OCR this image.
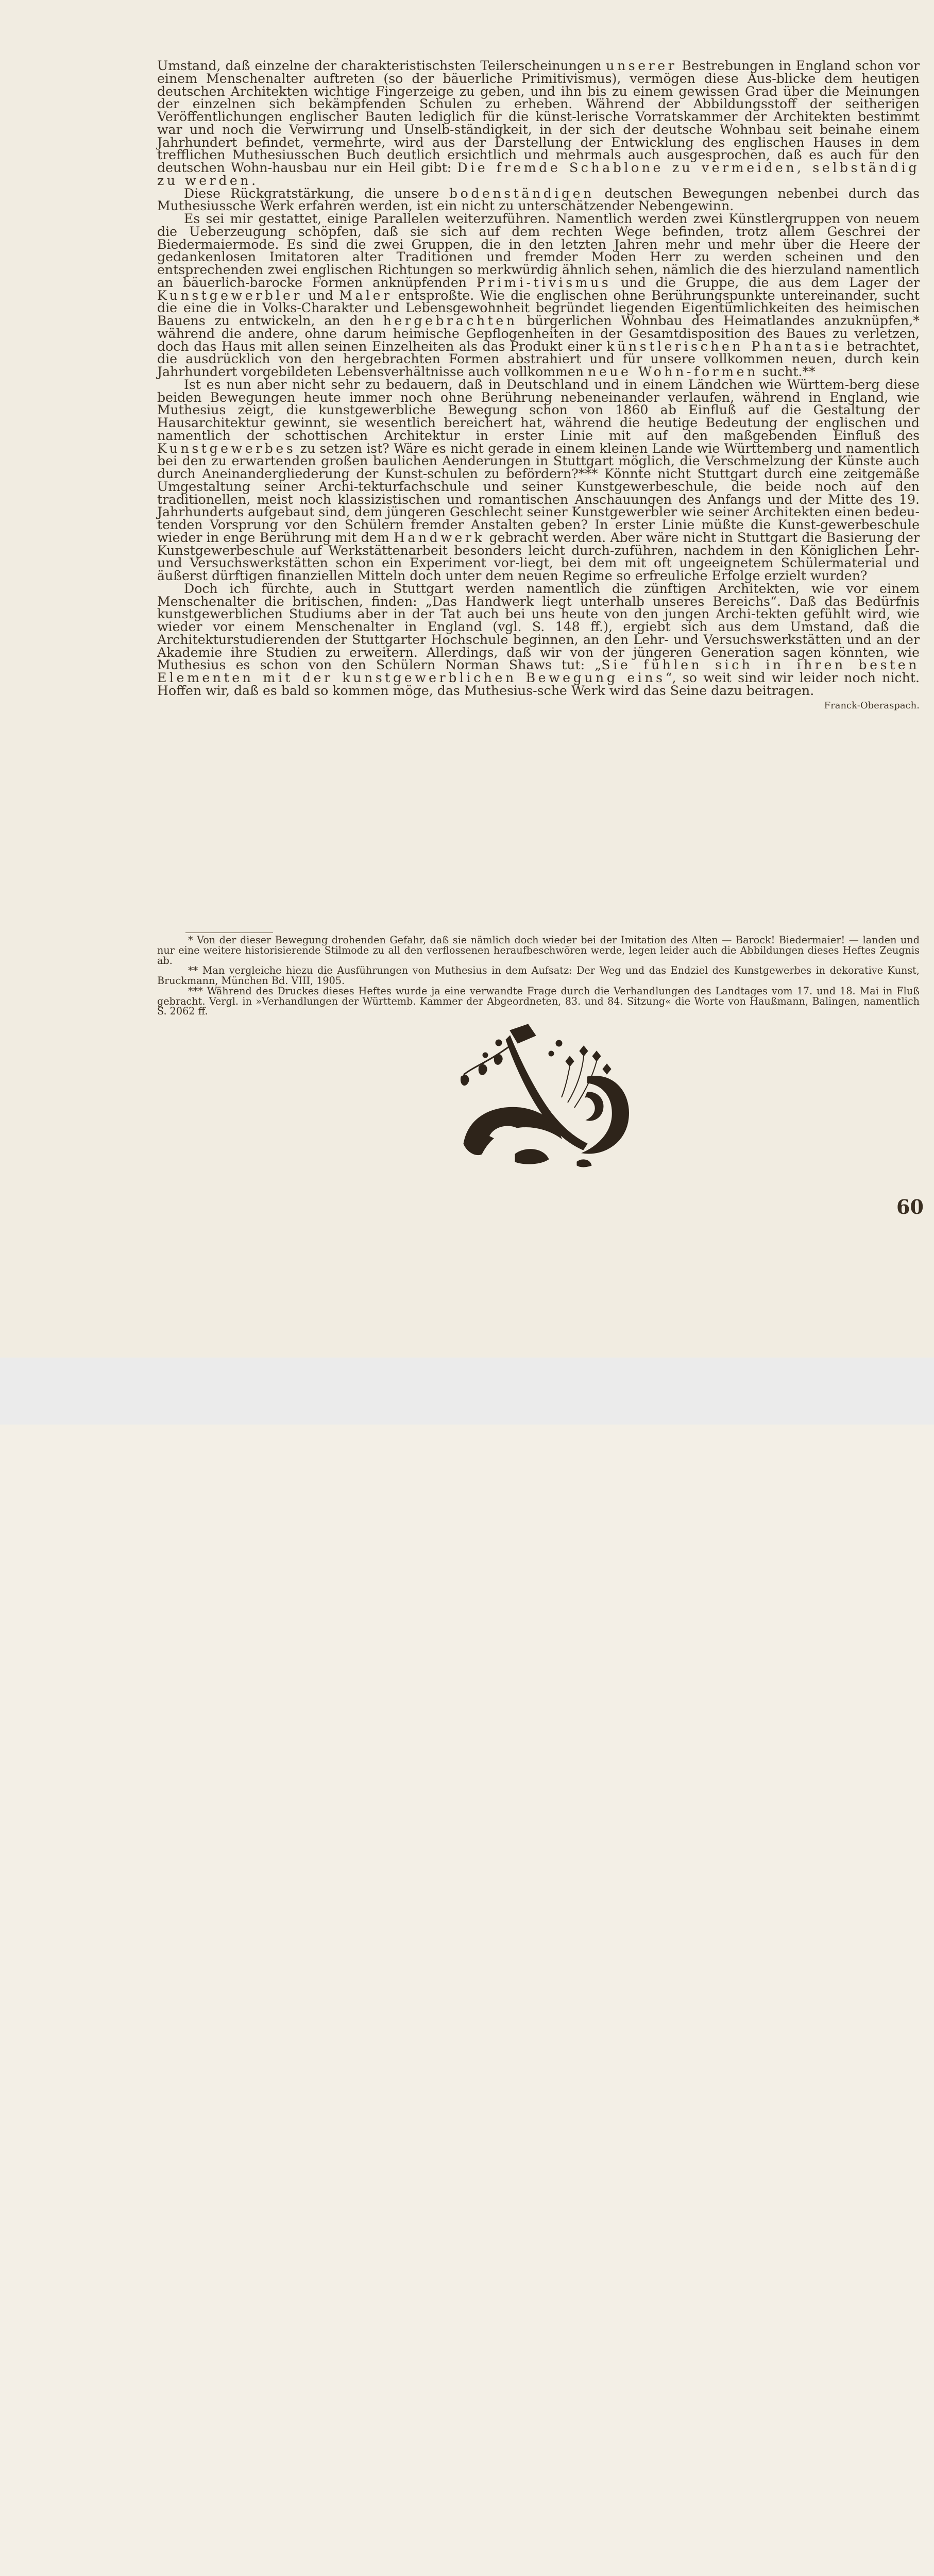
Umstand, daß einzelne der charakteristischsten Teilerscheinungen unserer Bestrebungen in England schon vor einem Menschenalter auftreten (so der bäuerliche Primitivismus), vermögen diese Aus-blicke dem heutigen deutschen Architekten wichtige Fingerzeige zu geben, und ihn bis zu einem gewissen Grad über die Meinungen der einzelnen sich bekämpfenden Schulen zu erheben. Während der Abbildungsstoff der seitherigen Veröffentlichungen englischer Bauten lediglich für die künst-lerische Vorratskammer der Architekten bestimmt war und noch die Verwirrung und Unselb-ständigkeit, in der sich der deutsche Wohnbau seit beinahe einem Jahrhundert befindet, vermehrte, wird aus der Darstellung der Entwicklung des englischen Hauses in dem trefflichen Muthesiusschen Buch deutlich ersichtlich und mehrmals auch ausgesprochen, daß es auch für den deutschen Wohn-hausbau nur ein Heil gibt: Die fremde Schablone zu vermeiden, selbständig zu werden.

Diese Rückgratstärkung, die unsere bodenständigen deutschen Bewegungen nebenbei durch das Muthesiussche Werk erfahren werden, ist ein nicht zu unterschätzender Nebengewinn.

Es sei mir gestattet, einige Parallelen weiterzuführen. Namentlich werden zwei Künstlergruppen von neuem die Ueberzeugung schöpfen, daß sie sich auf dem rechten Wege befinden, trotz allem Geschrei der Biedermaiermode. Es sind die zwei Gruppen, die in den letzten Jahren mehr und mehr über die Heere der gedankenlosen Imitatoren alter Traditionen und fremder Moden Herr zu werden scheinen und den entsprechenden zwei englischen Richtungen so merkwürdig ähnlich sehen, nämlich die des hierzuland namentlich an bäuerlich-barocke Formen anknüpfenden Primi-tivismus und die Gruppe, die aus dem Lager der Kunstgewerbler und Maler entsproßte. Wie die englischen ohne Berührungspunkte untereinander, sucht die eine die in Volks-Charakter und Lebensgewohnheit begründet liegenden Eigentümlichkeiten des heimischen Bauens zu entwickeln, an den hergebrachten bürgerlichen Wohnbau des Heimatlandes anzuknüpfen,* während die andere, ohne darum heimische Gepflogenheiten in der Gesamtdisposition des Baues zu verletzen, doch das Haus mit allen seinen Einzelheiten als das Produkt einer künstlerischen Phantasie betrachtet, die ausdrücklich von den hergebrachten Formen abstrahiert und für unsere vollkommen neuen, durch kein Jahrhundert vorgebildeten Lebensverhältnisse auch vollkommen neue Wohn-formen sucht.**

Ist es nun aber nicht sehr zu bedauern, daß in Deutschland und in einem Ländchen wie Württem-berg diese beiden Bewegungen heute immer noch ohne Berührung nebeneinander verlaufen, während in England, wie Muthesius zeigt, die kunstgewerbliche Bewegung schon von 1860 ab Einfluß auf die Gestaltung der Hausarchitektur gewinnt, sie wesentlich bereichert hat, während die heutige Bedeutung der englischen und namentlich der schottischen Architektur in erster Linie mit auf den maßgebenden Einfluß des Kunstgewerbes zu setzen ist? Wäre es nicht gerade in einem kleinen Lande wie Württemberg und namentlich bei den zu erwartenden großen baulichen Aenderungen in Stuttgart möglich, die Verschmelzung der Künste auch durch Aneinandergliederung der Kunst-schulen zu befördern?*** Könnte nicht Stuttgart durch eine zeitgemäße Umgestaltung seiner Archi-tekturfachschule und seiner Kunstgewerbeschule, die beide noch auf den traditionellen, meist noch klassizistischen und romantischen Anschauungen des Anfangs und der Mitte des 19. Jahrhunderts aufgebaut sind, dem jüngeren Geschlecht seiner Kunstgewerbler wie seiner Architekten einen bedeu-tenden Vorsprung vor den Schülern fremder Anstalten geben? In erster Linie müßte die Kunst-gewerbeschule wieder in enge Berührung mit dem Handwerk gebracht werden. Aber wäre nicht in Stuttgart die Basierung der Kunstgewerbeschule auf Werkstättenarbeit besonders leicht durch-zuführen, nachdem in den Königlichen Lehr- und Versuchswerkstätten schon ein Experiment vor-liegt, bei dem mit oft ungeeignetem Schülermaterial und äußerst dürftigen finanziellen Mitteln doch unter dem neuen Regime so erfreuliche Erfolge erzielt wurden?

Doch ich fürchte, auch in Stuttgart werden namentlich die zünftigen Architekten, wie vor einem Menschenalter die britischen, finden: „Das Handwerk liegt unterhalb unseres Bereichs“. Daß das Bedürfnis kunstgewerblichen Studiums aber in der Tat auch bei uns heute von den jungen Archi-tekten gefühlt wird, wie wieder vor einem Menschenalter in England (vgl. S. 148 ff.), ergiebt sich aus dem Umstand, daß die Architekturstudierenden der Stuttgarter Hochschule beginnen, an den Lehr- und Versuchswerkstätten und an der Akademie ihre Studien zu erweitern. Allerdings, daß wir von der jüngeren Generation sagen könnten, wie Muthesius es schon von den Schülern Norman Shaws tut: „Sie fühlen sich in ihren besten Elementen mit der kunstgewerblichen Bewegung eins“, so weit sind wir leider noch nicht. Hoffen wir, daß es bald so kommen möge, das Muthesius-sche Werk wird das Seine dazu beitragen.
Franck-Oberaspach.

* Von der dieser Bewegung drohenden Gefahr, daß sie nämlich doch wieder bei der Imitation des Alten — Barock! Biedermaier! — landen und nur eine weitere historisierende Stilmode zu all den verflossenen heraufbeschwören werde, legen leider auch die Abbildungen dieses Heftes Zeugnis ab.

** Man vergleiche hiezu die Ausführungen von Muthesius in dem Aufsatz: Der Weg und das Endziel des Kunstgewerbes in dekorative Kunst, Bruckmann, München Bd. VIII, 1905.

*** Während des Druckes dieses Heftes wurde ja eine verwandte Frage durch die Verhandlungen des Landtages vom 17. und 18. Mai in Fluß gebracht. Vergl. in »Verhandlungen der Württemb. Kammer der Abgeordneten, 83. und 84. Sitzung« die Worte von Haußmann, Balingen, namentlich S. 2062 ff.

60
